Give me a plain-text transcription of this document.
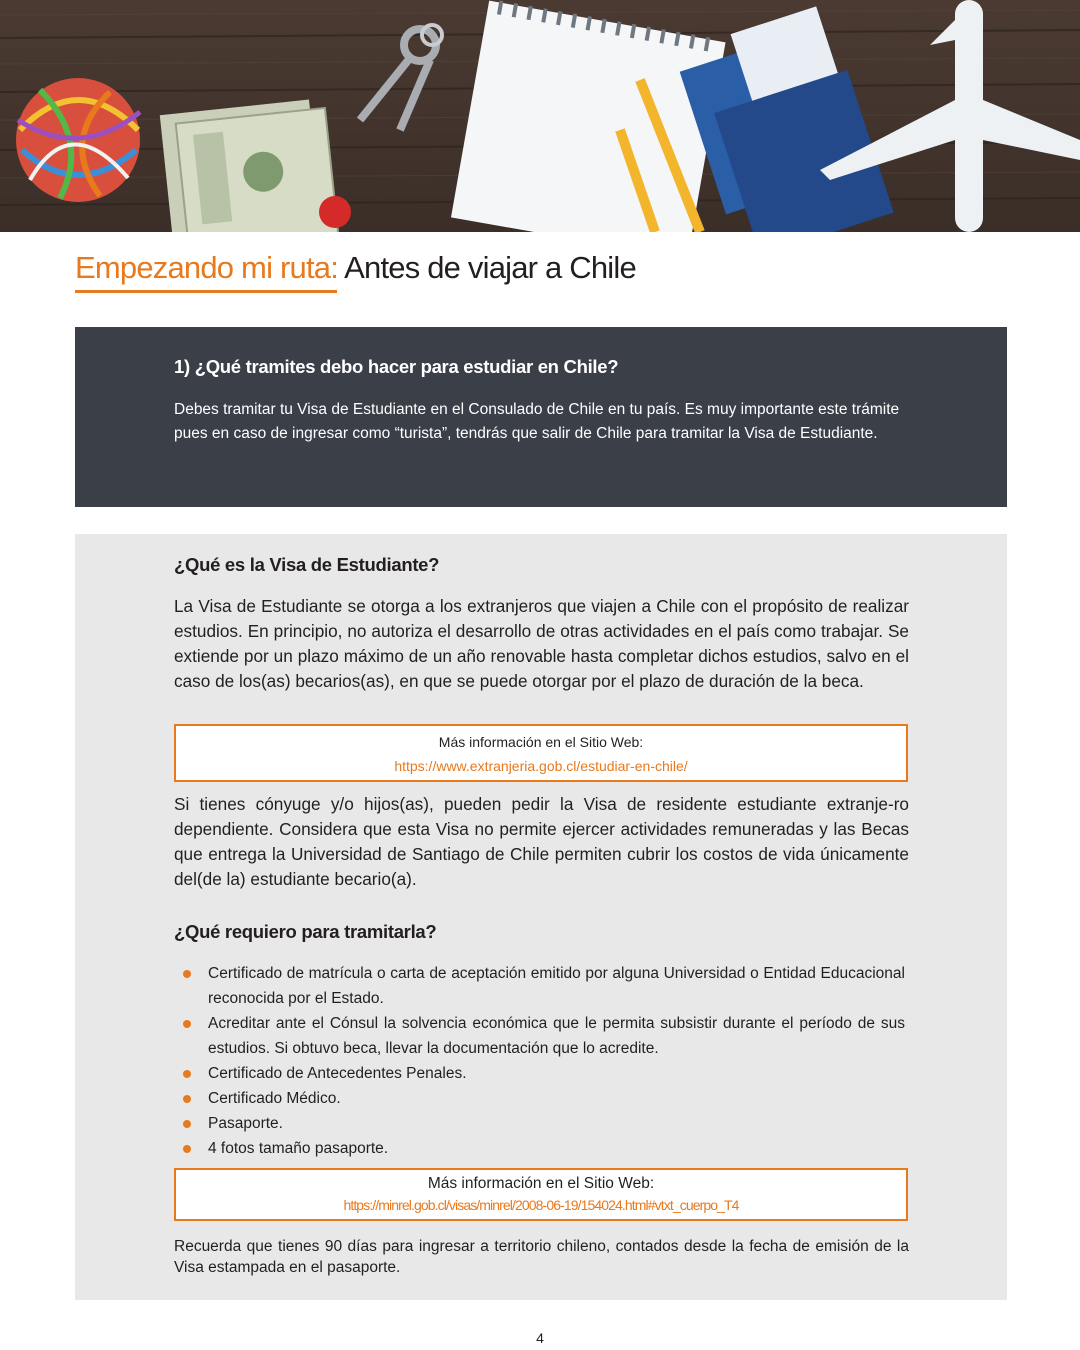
Empezando mi ruta: Antes de viajar a Chile
1) ¿Qué tramites debo hacer para estudiar en Chile?

Debes tramitar tu Visa de Estudiante en el Consulado de Chile en tu país. Es muy importante este trámite pues en caso de ingresar como “turista”, tendrás que salir de Chile para tramitar la Visa de Estudiante.

¿Qué es la Visa de Estudiante?

La Visa de Estudiante se otorga a los extranjeros que viajen a Chile con el propósito de realizar estudios. En principio, no autoriza el desarrollo de otras actividades en el país como trabajar. Se extiende por un plazo máximo de un año renovable hasta completar dichos estudios, salvo en el caso de los(as) becarios(as), en que se puede otorgar por el plazo de duración de la beca.

Más información en el Sitio Web:
https://www.extranjeria.gob.cl/estudiar-en-chile/

Si tienes cónyuge y/o hijos(as), pueden pedir la Visa de residente estudiante extranje-ro dependiente. Considera que esta Visa no permite ejercer actividades remuneradas y las Becas que entrega la Universidad de Santiago de Chile permiten cubrir los costos de vida únicamente del(de la) estudiante becario(a).

¿Qué requiero para tramitarla?
Certificado de matrícula o carta de aceptación emitido por alguna Universidad o Entidad Educacional reconocida por el Estado.
Acreditar ante el Cónsul la solvencia económica que le permita subsistir durante el período de sus estudios. Si obtuvo beca, llevar la documentación que lo acredite.
Certificado de Antecedentes Penales.
Certificado Médico.
Pasaporte.
4 fotos tamaño pasaporte.
Más información en el Sitio Web:
https://minrel.gob.cl/visas/minrel/2008-06-19/154024.html#vtxt_cuerpo_T4

Recuerda que tienes 90 días para ingresar a territorio chileno, contados desde la fecha de emisión de la Visa estampada en el pasaporte.

4
